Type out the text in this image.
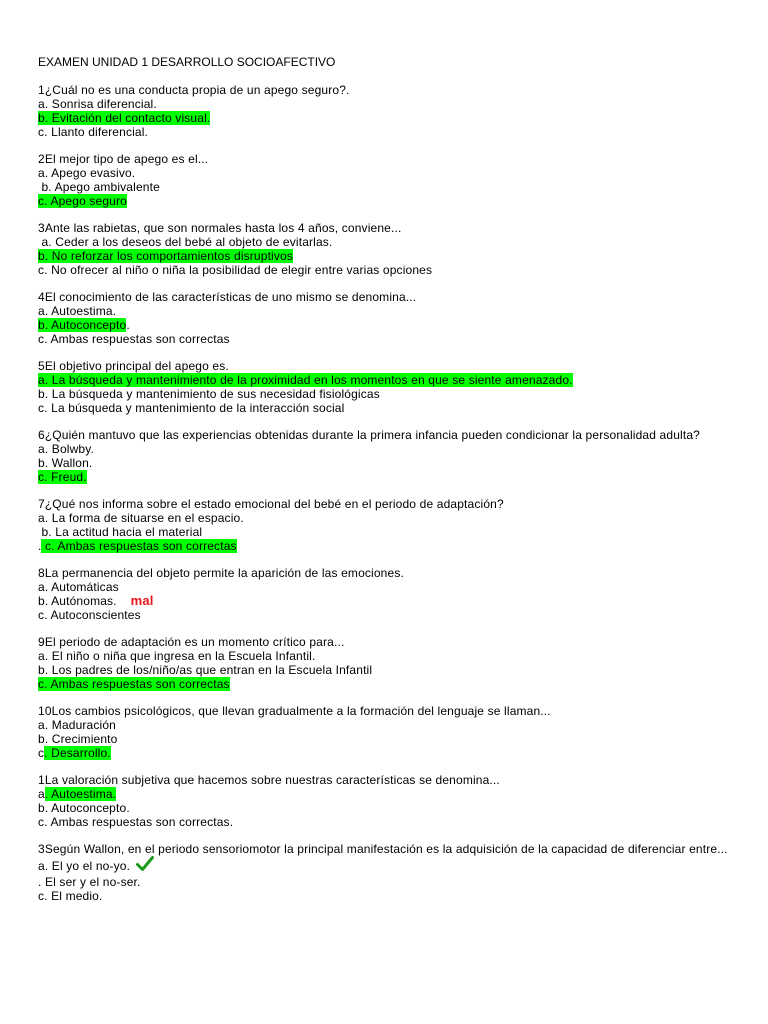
EXAMEN UNIDAD 1 DESARROLLO SOCIOAFECTIVO
1¿Cuál no es una conducta propia de un apego seguro?.
a. Sonrisa diferencial.
b. Evitación del contacto visual.
c. Llanto diferencial.
2El mejor tipo de apego es el...
a. Apego evasivo.
b. Apego ambivalente
c. Apego seguro
3Ante las rabietas, que son normales hasta los 4 años, conviene...
a. Ceder a los deseos del bebé al objeto de evitarlas.
b. No reforzar los comportamientos disruptivos
c. No ofrecer al niño o niña la posibilidad de elegir entre varias opciones
4El conocimiento de las características de uno mismo se denomina...
a. Autoestima.
b. Autoconcepto.
c. Ambas respuestas son correctas
5El objetivo principal del apego es.
a. La búsqueda y mantenimiento de la proximidad en los momentos en que se siente amenazado.
b. La búsqueda y mantenimiento de sus necesidad fisiológicas
c. La búsqueda y mantenimiento de la interacción social
6¿Quién mantuvo que las experiencias obtenidas durante la primera infancia pueden condicionar la personalidad adulta?
a. Bolwby.
b. Wallon.
c. Freud.
7¿Qué nos informa sobre el estado emocional del bebé en el periodo de adaptación?
a. La forma de situarse en el espacio.
b. La actitud hacia el material
. c. Ambas respuestas son correctas
8La permanencia del objeto permite la aparición de las emociones.
a. Automáticas
b. Autónomas. mal
c. Autoconscientes
9El periodo de adaptación es un momento crítico para...
a. El niño o niña que ingresa en la Escuela Infantil.
b. Los padres de los/niño/as que entran en la Escuela Infantil
c. Ambas respuestas son correctas
10Los cambios psicológicos, que llevan gradualmente a la formación del lenguaje se llaman...
a. Maduración
b. Crecimiento
c. Desarrollo.
1La valoración subjetiva que hacemos sobre nuestras características se denomina...
a. Autoestima.
b. Autoconcepto.
c. Ambas respuestas son correctas.
3Según Wallon, en el periodo sensoriomotor la principal manifestación es la adquisición de la capacidad de diferenciar entre...
a. El yo el no-yo.
. El ser y el no-ser.
c. El medio.
